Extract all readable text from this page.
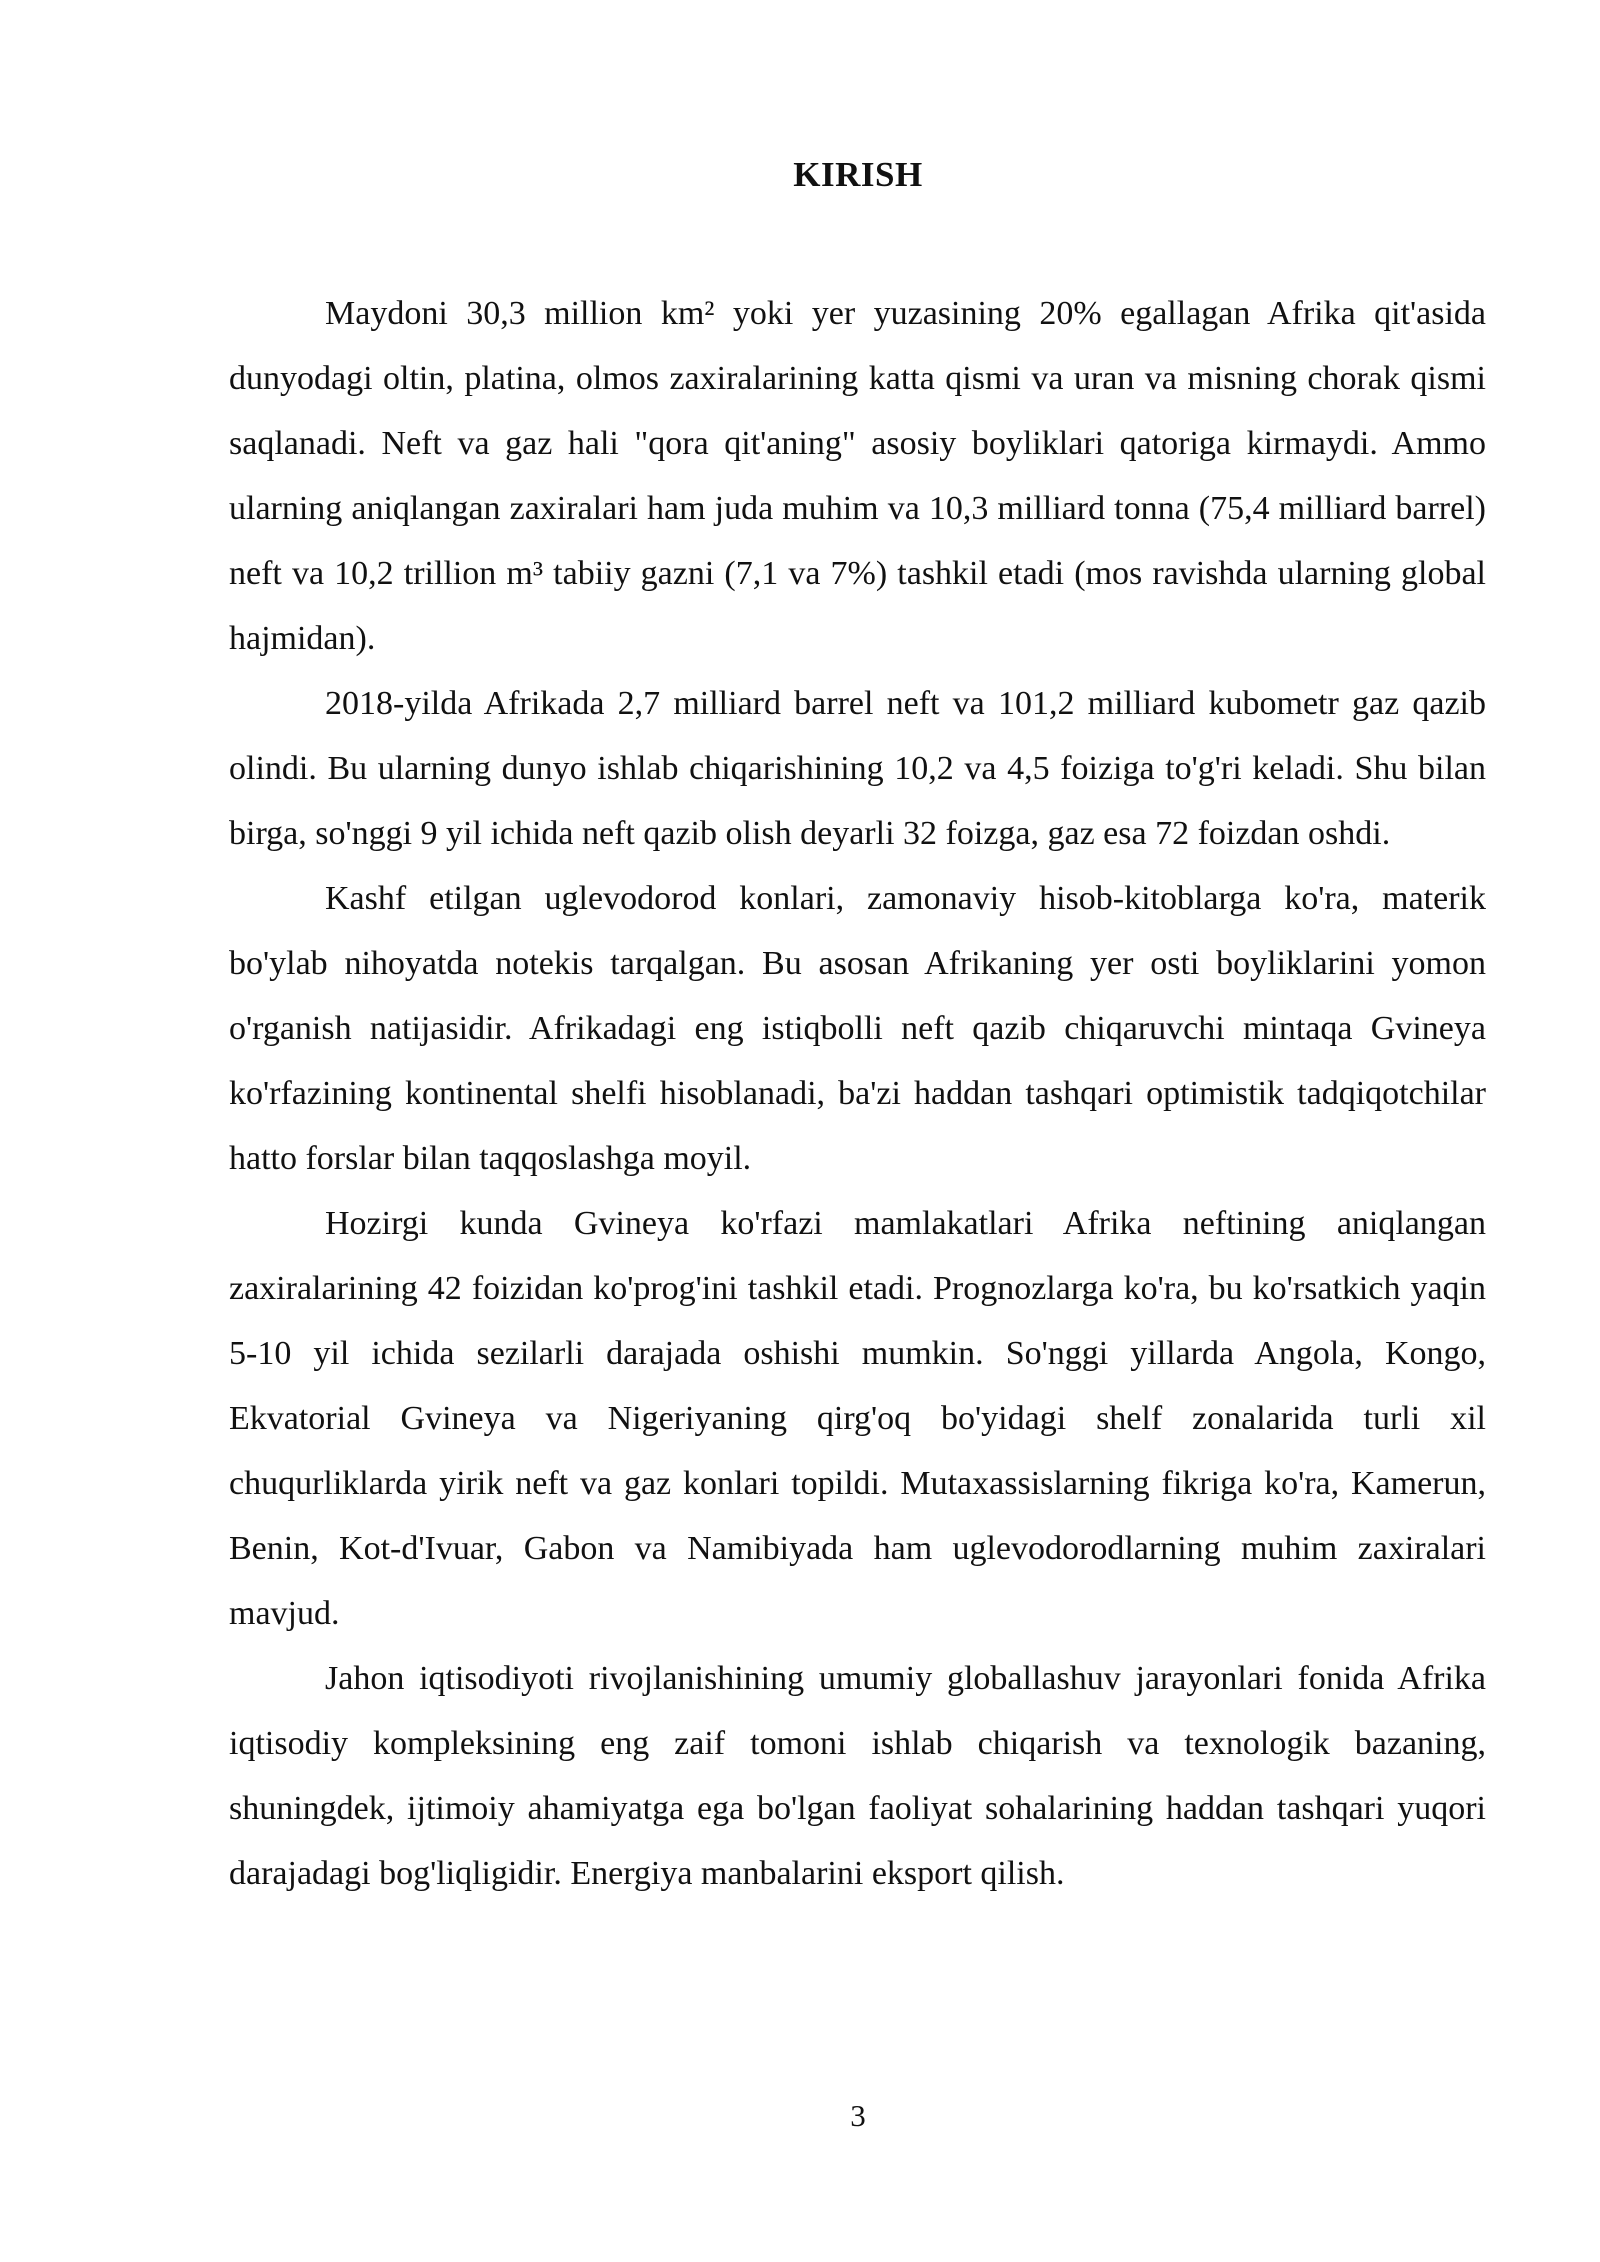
KIRISH

Maydoni 30,3 million km² yoki yer yuzasining 20% egallagan Afrika qit'asida dunyodagi oltin, platina, olmos zaxiralarining katta qismi va uran va misning chorak qismi saqlanadi. Neft va gaz hali "qora qit'aning" asosiy boyliklari qatoriga kirmaydi. Ammo ularning aniqlangan zaxiralari ham juda muhim va 10,3 milliard tonna (75,4 milliard barrel) neft va 10,2 trillion m³ tabiiy gazni (7,1 va 7%) tashkil etadi (mos ravishda ularning global hajmidan).

2018-yilda Afrikada 2,7 milliard barrel neft va 101,2 milliard kubometr gaz qazib olindi. Bu ularning dunyo ishlab chiqarishining 10,2 va 4,5 foiziga to'g'ri keladi. Shu bilan birga, so'nggi 9 yil ichida neft qazib olish deyarli 32 foizga, gaz esa 72 foizdan oshdi.

Kashf etilgan uglevodorod konlari, zamonaviy hisob-kitoblarga ko'ra, materik bo'ylab nihoyatda notekis tarqalgan. Bu asosan Afrikaning yer osti boyliklarini yomon o'rganish natijasidir. Afrikadagi eng istiqbolli neft qazib chiqaruvchi mintaqa Gvineya ko'rfazining kontinental shelfi hisoblanadi, ba'zi haddan tashqari optimistik tadqiqotchilar hatto forslar bilan taqqoslashga moyil.

Hozirgi kunda Gvineya ko'rfazi mamlakatlari Afrika neftining aniqlangan zaxiralarining 42 foizidan ko'prog'ini tashkil etadi. Prognozlarga ko'ra, bu ko'rsatkich yaqin 5-10 yil ichida sezilarli darajada oshishi mumkin. So'nggi yillarda Angola, Kongo, Ekvatorial Gvineya va Nigeriyaning qirg'oq bo'yidagi shelf zonalarida turli xil chuqurliklarda yirik neft va gaz konlari topildi. Mutaxassislarning fikriga ko'ra, Kamerun, Benin, Kot-d'Ivuar, Gabon va Namibiyada ham uglevodorodlarning muhim zaxiralari mavjud.

Jahon iqtisodiyoti rivojlanishining umumiy globallashuv jarayonlari fonida Afrika iqtisodiy kompleksining eng zaif tomoni ishlab chiqarish va texnologik bazaning, shuningdek, ijtimoiy ahamiyatga ega bo'lgan faoliyat sohalarining haddan tashqari yuqori darajadagi bog'liqligidir. Energiya manbalarini eksport qilish.

3
